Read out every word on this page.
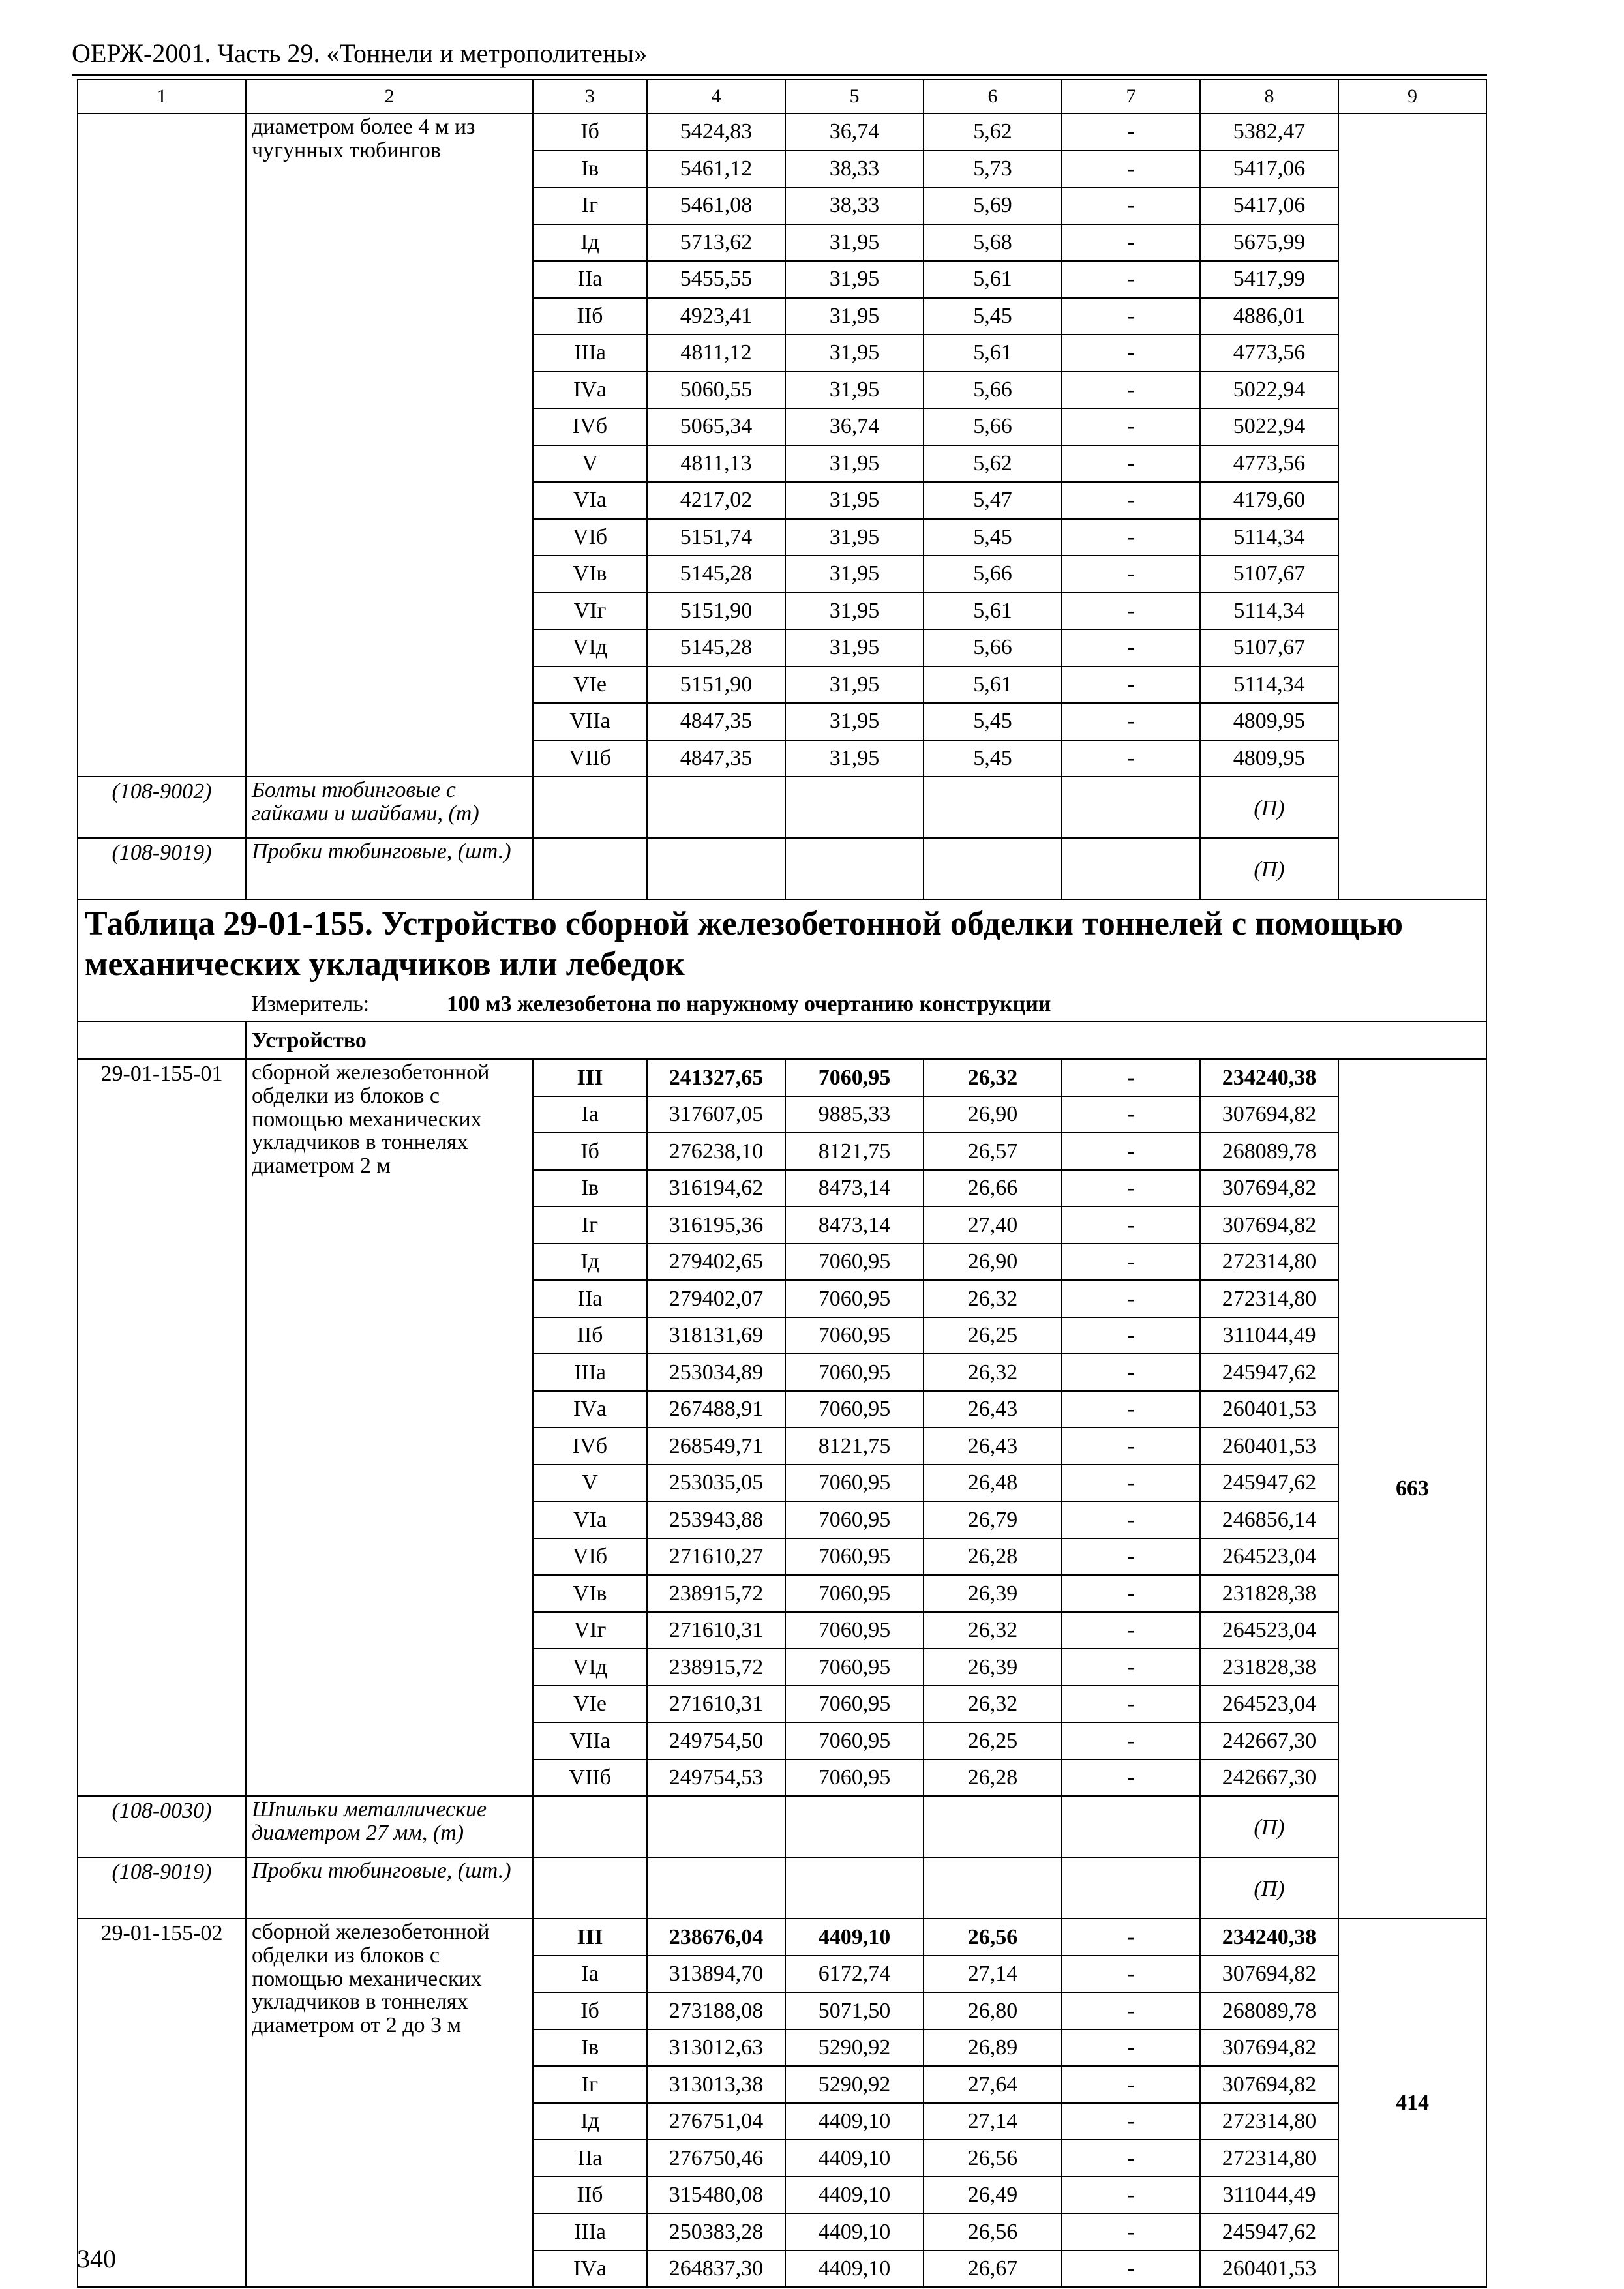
ОЕРЖ-2001. Часть 29. «Тоннели и метрополитены»
1	2	3	4	5	6	7	8	9
	диаметром более 4 м из чугунных тюбингов	Iб	5424,83	36,74	5,62	-	5382,47	
		Iв	5461,12	38,33	5,73	-	5417,06	
		Iг	5461,08	38,33	5,69	-	5417,06	
		Iд	5713,62	31,95	5,68	-	5675,99	
		IIа	5455,55	31,95	5,61	-	5417,99	
		IIб	4923,41	31,95	5,45	-	4886,01	
		IIIа	4811,12	31,95	5,61	-	4773,56	
		IVа	5060,55	31,95	5,66	-	5022,94	
		IVб	5065,34	36,74	5,66	-	5022,94	
		V	4811,13	31,95	5,62	-	4773,56	
		VIа	4217,02	31,95	5,47	-	4179,60	
		VIб	5151,74	31,95	5,45	-	5114,34	
		VIв	5145,28	31,95	5,66	-	5107,67	
		VIг	5151,90	31,95	5,61	-	5114,34	
		VIд	5145,28	31,95	5,66	-	5107,67	
		VIе	5151,90	31,95	5,61	-	5114,34	
		VIIа	4847,35	31,95	5,45	-	4809,95	
		VIIб	4847,35	31,95	5,45	-	4809,95	
(108-9002)	Болты тюбинговые с гайками и шайбами, (т)						(П)	
(108-9019)	Пробки тюбинговые, (шт.)						(П)	
Таблица 29-01-155. Устройство сборной железобетонной обделки тоннелей с помощью механических укладчиков или лебедок								
	Измеритель: 100 м3 железобетона по наружному очертанию конструкции							
	Устройство							
29-01-155-01	сборной железобетонной обделки из блоков с помощью механических укладчиков в тоннелях диаметром 2 м	III	241327,65	7060,95	26,32	-	234240,38	663
		Iа	317607,05	9885,33	26,90	-	307694,82	
		Iб	276238,10	8121,75	26,57	-	268089,78	
		Iв	316194,62	8473,14	26,66	-	307694,82	
		Iг	316195,36	8473,14	27,40	-	307694,82	
		Iд	279402,65	7060,95	26,90	-	272314,80	
		IIа	279402,07	7060,95	26,32	-	272314,80	
		IIб	318131,69	7060,95	26,25	-	311044,49	
		IIIа	253034,89	7060,95	26,32	-	245947,62	
		IVа	267488,91	7060,95	26,43	-	260401,53	
		IVб	268549,71	8121,75	26,43	-	260401,53	
		V	253035,05	7060,95	26,48	-	245947,62	
		VIа	253943,88	7060,95	26,79	-	246856,14	
		VIб	271610,27	7060,95	26,28	-	264523,04	
		VIв	238915,72	7060,95	26,39	-	231828,38	
		VIг	271610,31	7060,95	26,32	-	264523,04	
		VIд	238915,72	7060,95	26,39	-	231828,38	
		VIе	271610,31	7060,95	26,32	-	264523,04	
		VIIа	249754,50	7060,95	26,25	-	242667,30	
		VIIб	249754,53	7060,95	26,28	-	242667,30	
(108-0030)	Шпильки металлические диаметром 27 мм, (т)						(П)	
(108-9019)	Пробки тюбинговые, (шт.)						(П)	
29-01-155-02	сборной железобетонной обделки из блоков с помощью механических укладчиков в тоннелях диаметром от 2 до 3 м	III	238676,04	4409,10	26,56	-	234240,38	414
		Iа	313894,70	6172,74	27,14	-	307694,82	
		Iб	273188,08	5071,50	26,80	-	268089,78	
		Iв	313012,63	5290,92	26,89	-	307694,82	
		Iг	313013,38	5290,92	27,64	-	307694,82	
		Iд	276751,04	4409,10	27,14	-	272314,80	
		IIа	276750,46	4409,10	26,56	-	272314,80	
		IIб	315480,08	4409,10	26,49	-	311044,49	
		IIIа	250383,28	4409,10	26,56	-	245947,62	
		IVа	264837,30	4409,10	26,67	-	260401,53	
340
